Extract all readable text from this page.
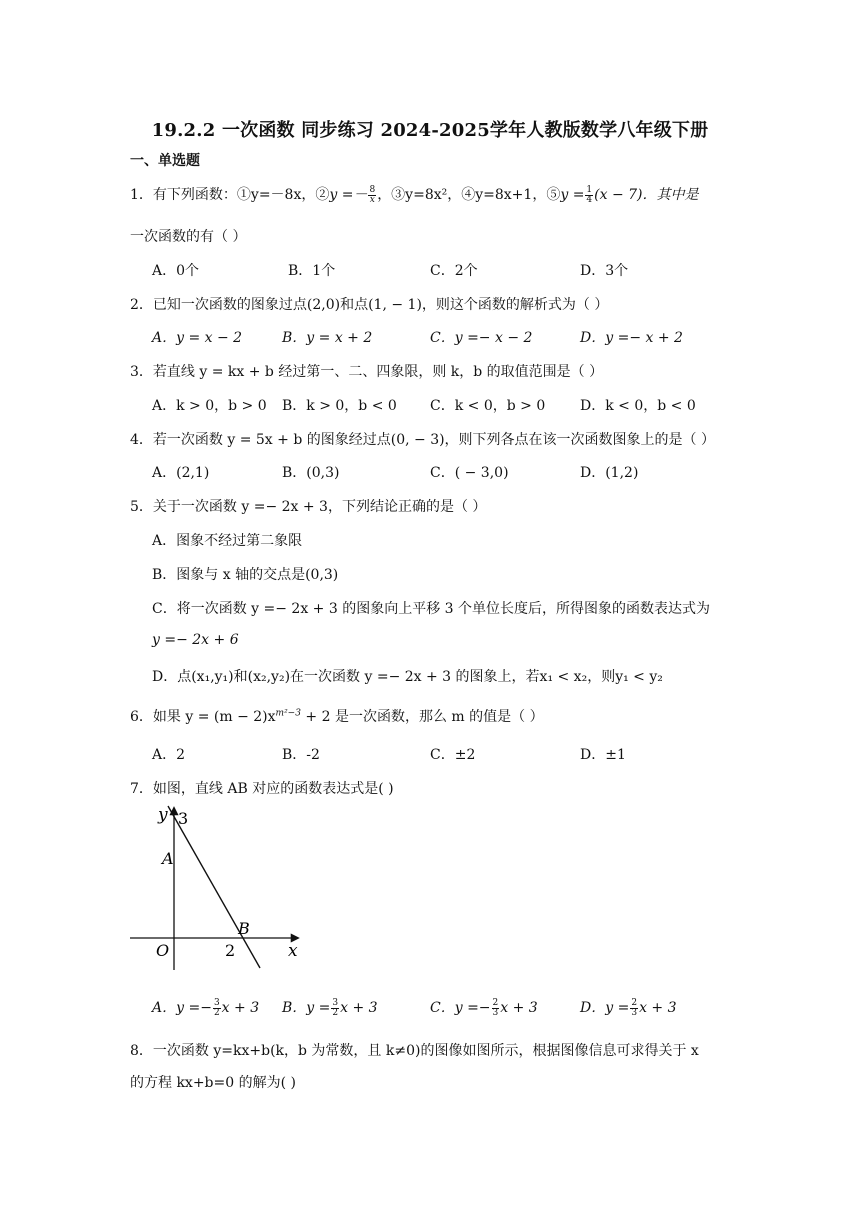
19.2.2 一次函数 同步练习 2024-2025学年人教版数学八年级下册
一、单选题
1．有下列函数：①y=－8x，②y =－ $\frac{8}{x}$ ，③y=8x²，④y=8x+1，⑤y = $\frac{1}{4} (x - 7)$．其中是
一次函数的有（ ）
A．0个	B．1个	C．2个	D．3个
2．已知一次函数的图象过点(2,0)和点(1, − 1)，则这个函数的解析式为（ ）
A．y = x − 2	B．y = x + 2	C．y =− x − 2	D．y =− x + 2
3．若直线 y = kx + b 经过第一、二、四象限，则 k，b 的取值范围是（ ）
A．k > 0，b > 0 B．k > 0，b < 0 C．k < 0，b > 0 D．k < 0，b < 0
4．若一次函数 y = 5x + b 的图象经过点(0, − 3)，则下列各点在该一次函数图象上的是（ ）
A．(2,1)	B．(0,3)	C．( − 3,0)	D．(1,2)
5．关于一次函数 y =− 2x + 3，下列结论正确的是（ ）
A．图象不经过第二象限
B．图象与 x 轴的交点是(0,3)
C．将一次函数 y =− 2x + 3 的图象向上平移 3 个单位长度后，所得图象的函数表达式为
y =− 2x + 6
D．点(x₁,y₁)和(x₂,y₂)在一次函数 y =− 2x + 3 的图象上，若x₁ < x₂，则y₁ < y₂
6．如果 $y = (m - 2)x^{m^2-3} + 2$ 是一次函数，那么 m 的值是（ ）
A．2	B．-2	C．±2	D．±1
7．如图，直线 AB 对应的函数表达式是( )
y
x
O
A
B
3
2
A．$y =- \frac{3}{2}$ x + 3 B．$y = \frac{3}{2}$ x + 3	C．$y =- \frac{2}{3}$ x + 3	D．$y = \frac{2}{3}$ x + 3
8．一次函数 y=kx+b(k，b 为常数，且 k≠0)的图像如图所示，根据图像信息可求得关于 x
的方程 kx+b=0 的解为( )
